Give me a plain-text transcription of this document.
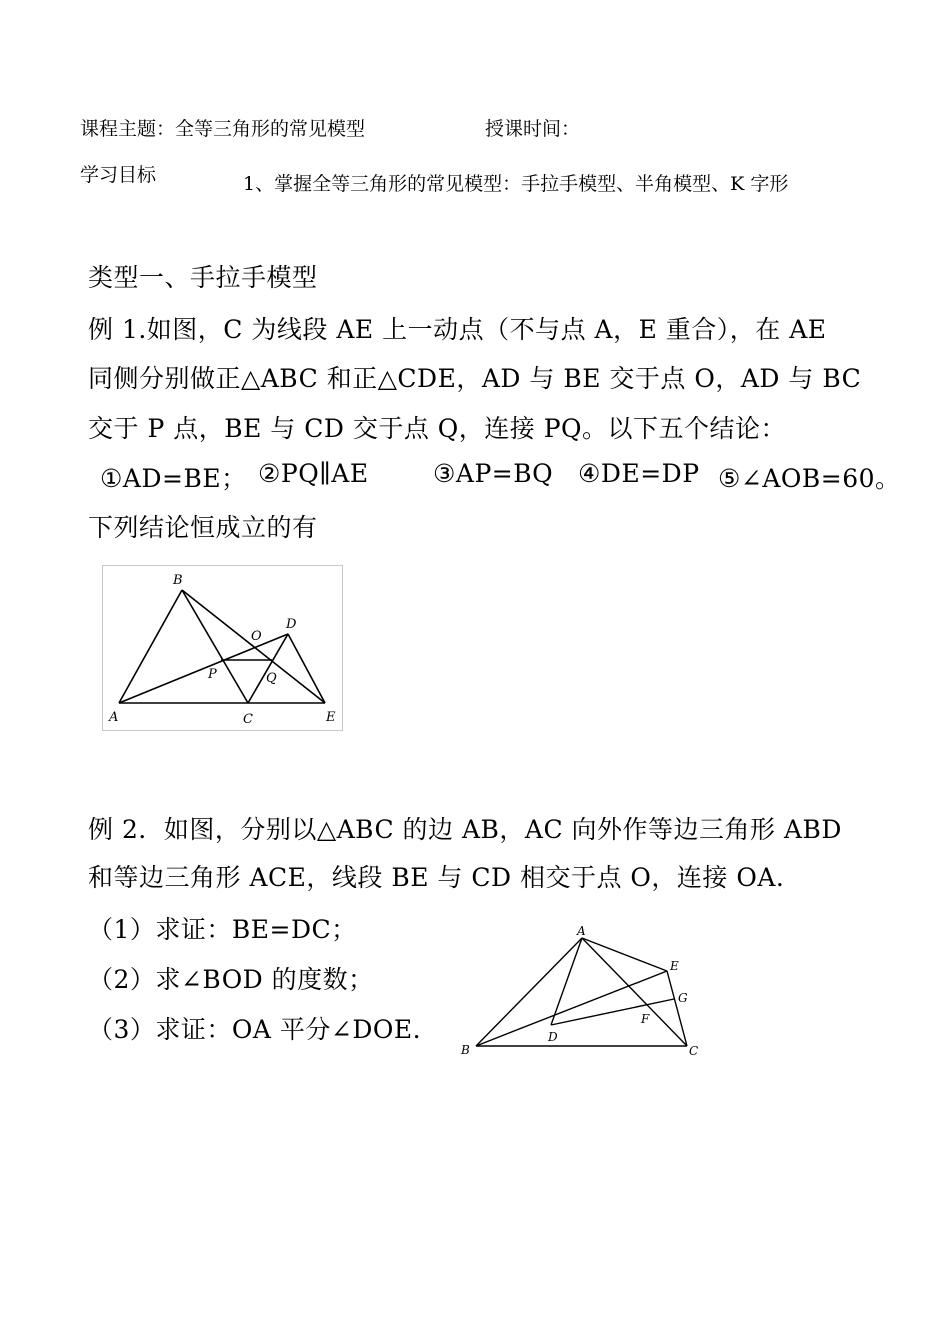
课程主题：全等三角形的常见模型	授课时间：
学习目标	1、掌握全等三角形的常见模型：手拉手模型、半角模型、K 字形
类型一、手拉手模型
例 1.如图，C 为线段 AE 上一动点（不与点 A，E 重合），在 AE
同侧分别做正△ABC 和正△CDE，AD 与 BE 交于点 O，AD 与 BC
交于 P 点，BE 与 CD 交于点 Q，连接 PQ。以下五个结论：
①AD=BE； ②PQ∥AE	③AP=BQ ④DE=DP ⑤∠AOB=60。
下列结论恒成立的有
A
B
C
D
E
O
P	Q
例 2．如图，分别以△ABC 的边 AB，AC 向外作等边三角形 ABD
和等边三角形 ACE，线段 BE 与 CD 相交于点 O，连接 OA.
（1）求证：BE=DC；
（2）求∠BOD 的度数；
（3）求证：OA 平分∠DOE.
A
B	C
D
E
F
G
